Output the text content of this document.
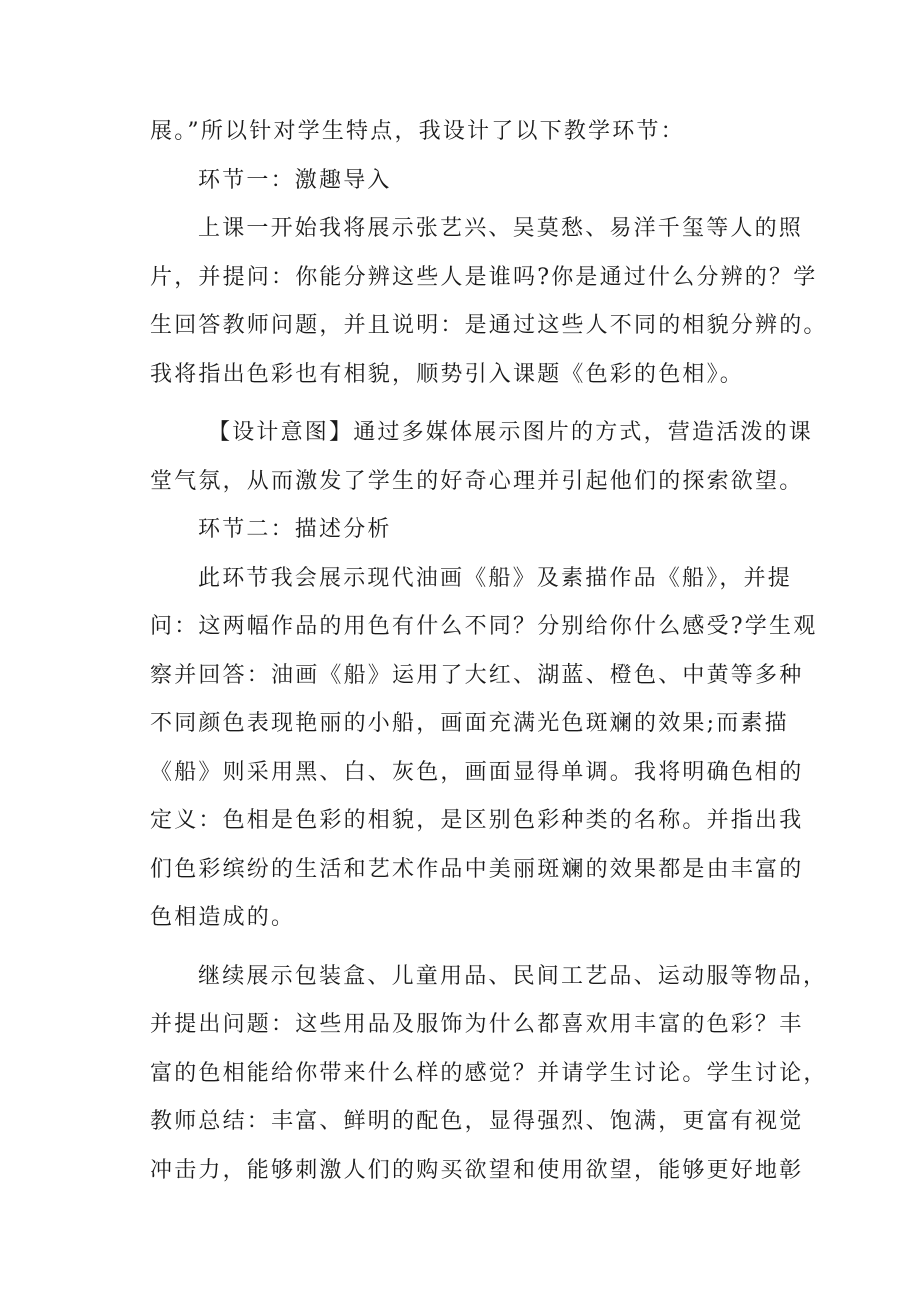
展。”所以针对学生特点，我设计了以下教学环节：
环节一：激趣导入
上课一开始我将展示张艺兴、吴莫愁、易洋千玺等人的照
片，并提问：你能分辨这些人是谁吗?你是通过什么分辨的？学
生回答教师问题，并且说明：是通过这些人不同的相貌分辨的。
我将指出色彩也有相貌，顺势引入课题《色彩的色相》。
【设计意图】通过多媒体展示图片的方式，营造活泼的课
堂气氛，从而激发了学生的好奇心理并引起他们的探索欲望。
环节二：描述分析
此环节我会展示现代油画《船》及素描作品《船》，并提
问：这两幅作品的用色有什么不同？分别给你什么感受?学生观
察并回答：油画《船》运用了大红、湖蓝、橙色、中黄等多种
不同颜色表现艳丽的小船，画面充满光色斑斓的效果;而素描
《船》则采用黑、白、灰色，画面显得单调。我将明确色相的
定义：色相是色彩的相貌，是区别色彩种类的名称。并指出我
们色彩缤纷的生活和艺术作品中美丽斑斓的效果都是由丰富的
色相造成的。
继续展示包装盒、儿童用品、民间工艺品、运动服等物品，
并提出问题：这些用品及服饰为什么都喜欢用丰富的色彩？丰
富的色相能给你带来什么样的感觉？并请学生讨论。学生讨论，
教师总结：丰富、鲜明的配色，显得强烈、饱满，更富有视觉
冲击力，能够刺激人们的购买欲望和使用欲望，能够更好地彰
